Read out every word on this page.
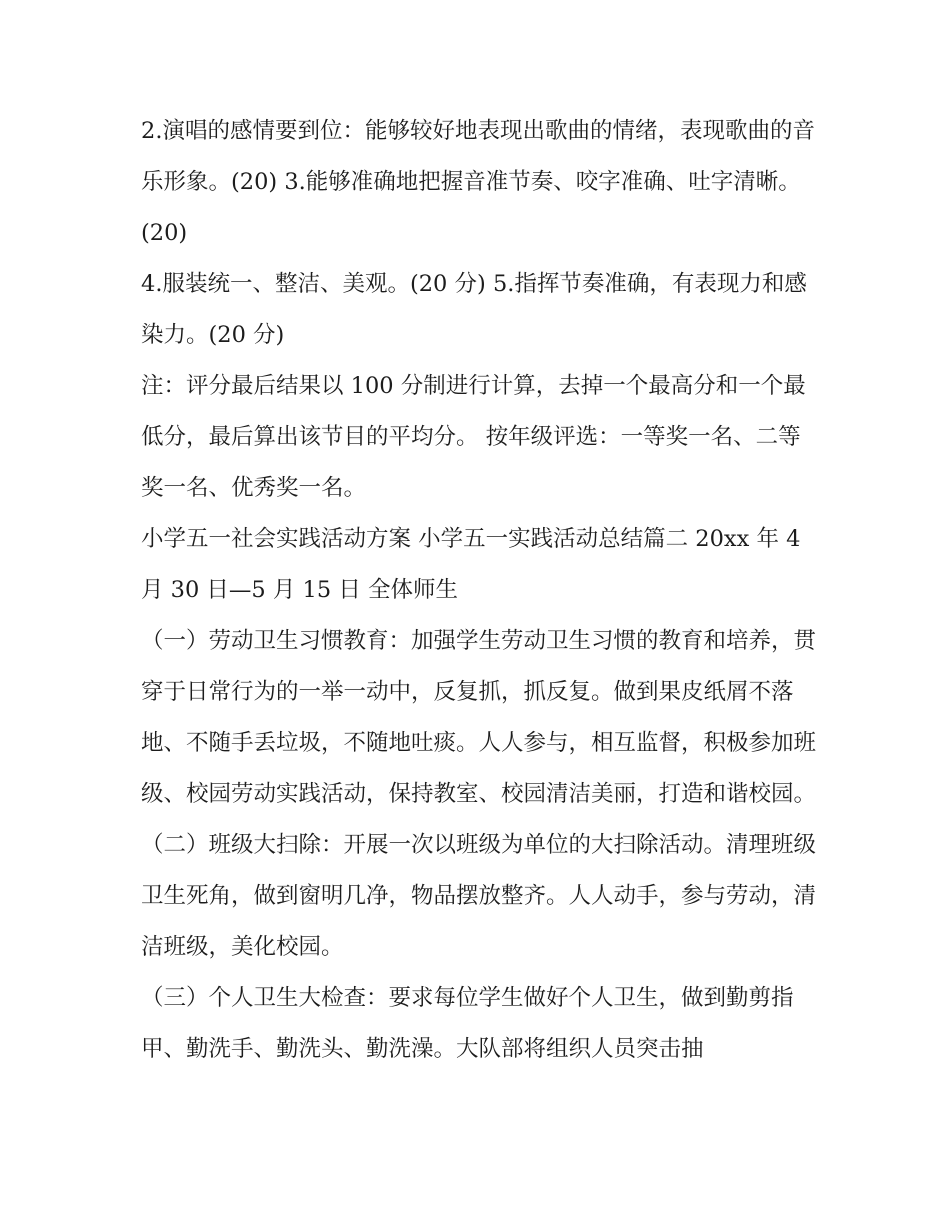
2.演唱的感情要到位：能够较好地表现出歌曲的情绪，表现歌曲的音乐形象。(20) 3.能够准确地把握音准节奏、咬字准确、吐字清晰。(20)

4.服装统一、整洁、美观。(20 分) 5.指挥节奏准确，有表现力和感染力。(20 分)

注：评分最后结果以 100 分制进行计算，去掉一个最高分和一个最低分，最后算出该节目的平均分。 按年级评选：一等奖一名、二等奖一名、优秀奖一名。

小学五一社会实践活动方案 小学五一实践活动总结篇二 20xx 年 4 月 30 日—5 月 15 日 全体师生

（一）劳动卫生习惯教育：加强学生劳动卫生习惯的教育和培养，贯穿于日常行为的一举一动中，反复抓，抓反复。做到果皮纸屑不落地、不随手丢垃圾，不随地吐痰。人人参与，相互监督，积极参加班级、校园劳动实践活动，保持教室、校园清洁美丽，打造和谐校园。

（二）班级大扫除：开展一次以班级为单位的大扫除活动。清理班级卫生死角，做到窗明几净，物品摆放整齐。人人动手，参与劳动，清洁班级，美化校园。

（三）个人卫生大检查：要求每位学生做好个人卫生，做到勤剪指甲、勤洗手、勤洗头、勤洗澡。大队部将组织人员突击抽
